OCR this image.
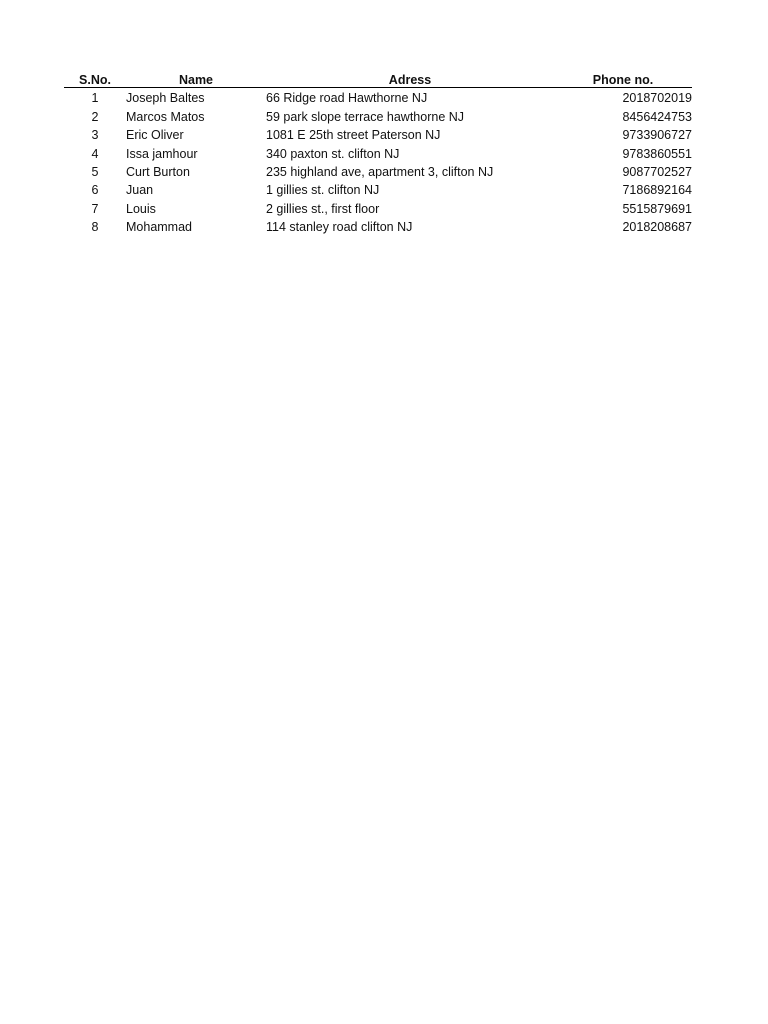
S.No.	Name	Adress	Phone no.
1	Joseph Baltes	66 Ridge road Hawthorne NJ	2018702019
2	Marcos Matos	59 park slope terrace hawthorne NJ	8456424753
3	Eric Oliver	1081 E 25th street Paterson NJ	9733906727
4	Issa jamhour	340 paxton st. clifton NJ	9783860551
5	Curt Burton	235 highland ave, apartment 3, clifton NJ	9087702527
6	Juan	1 gillies st. clifton NJ	7186892164
7	Louis	2 gillies st., first floor	5515879691
8	Mohammad	114 stanley road clifton NJ	2018208687
